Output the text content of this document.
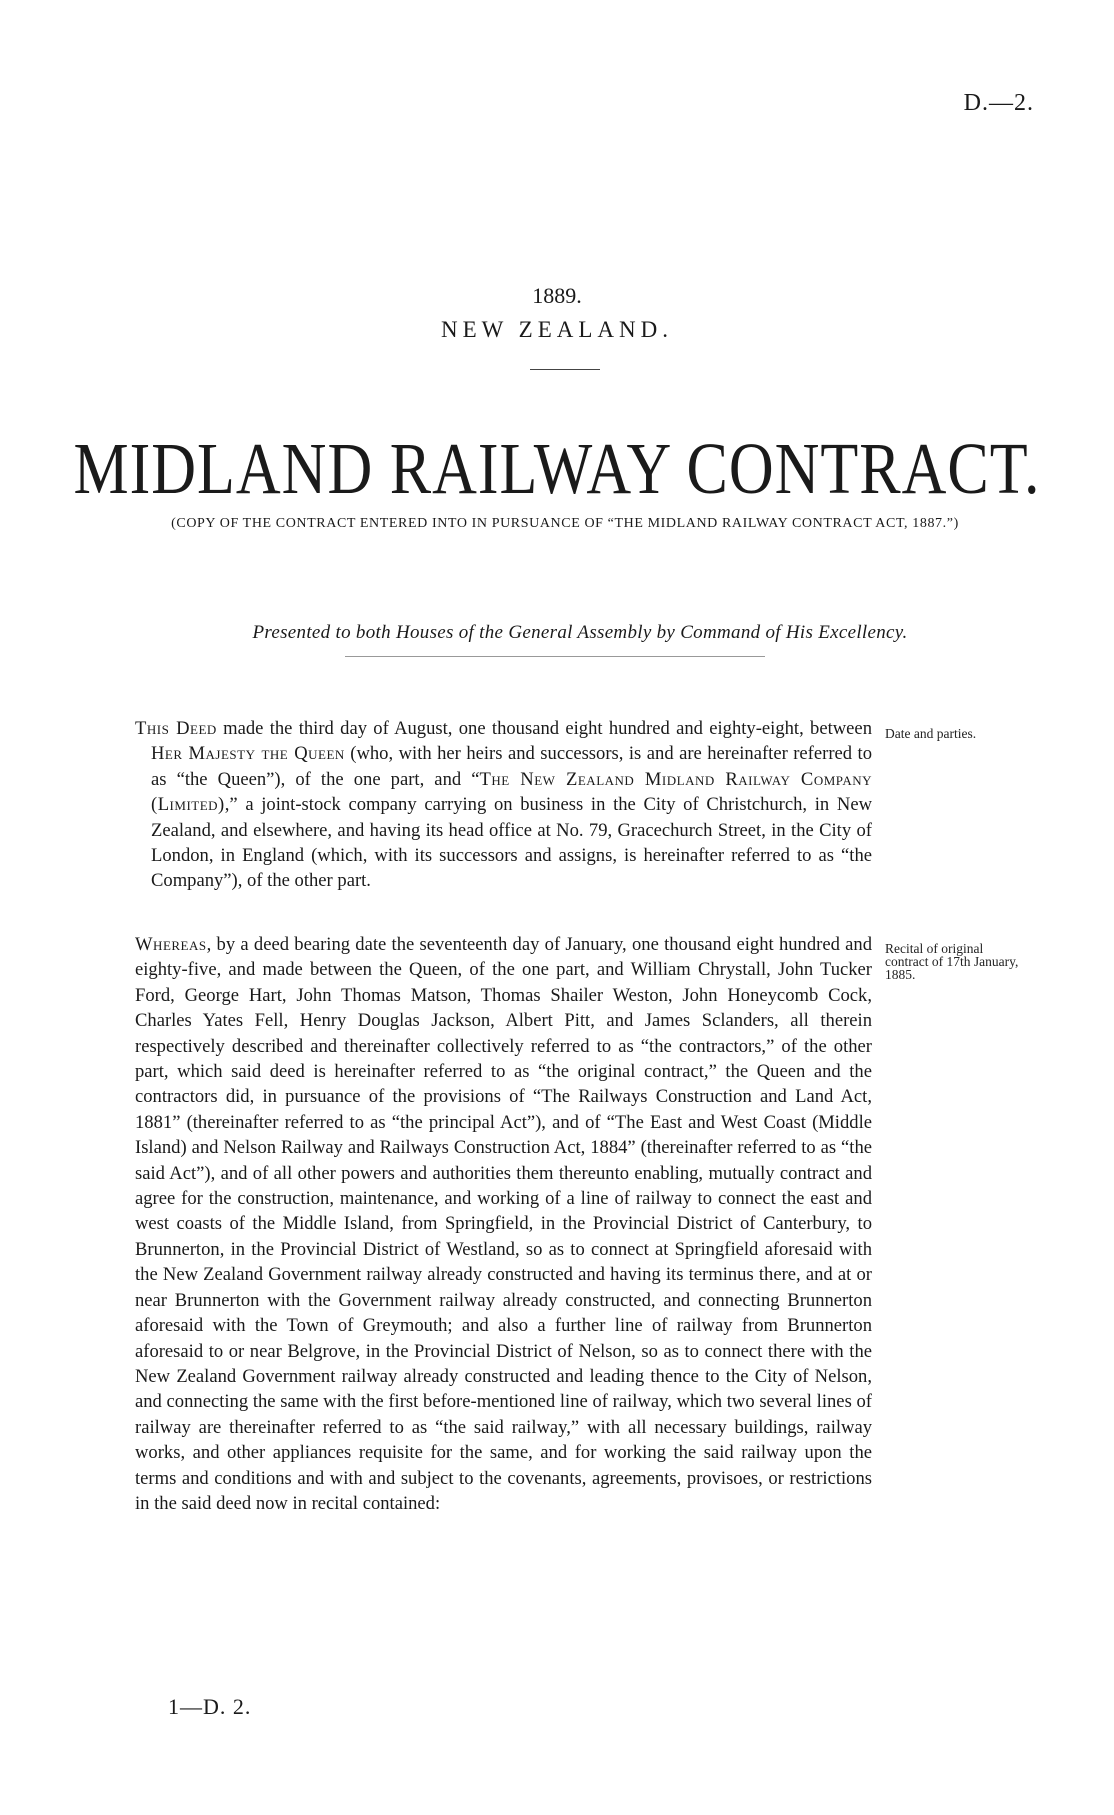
D.—2.
1889.
NEW ZEALAND.
MIDLAND RAILWAY CONTRACT.
(COPY OF THE CONTRACT ENTERED INTO IN PURSUANCE OF “THE MIDLAND RAILWAY CONTRACT ACT, 1887.”)
Presented to both Houses of the General Assembly by Command of His Excellency.

This Deed made the third day of August, one thousand eight hundred and eighty-eight, between Her Majesty the Queen (who, with her heirs and successors, is and are hereinafter referred to as “the Queen”), of the one part, and “The New Zealand Midland Railway Company (Limited),” a joint-stock company carrying on business in the City of Christchurch, in New Zealand, and elsewhere, and having its head office at No. 79, Gracechurch Street, in the City of London, in England (which, with its successors and assigns, is hereinafter referred to as “the Company”), of the other part.

Date and parties.

Whereas, by a deed bearing date the seventeenth day of January, one thousand eight hundred and eighty-five, and made between the Queen, of the one part, and William Chrystall, John Tucker Ford, George Hart, John Thomas Matson, Thomas Shailer Weston, John Honeycomb Cock, Charles Yates Fell, Henry Douglas Jackson, Albert Pitt, and James Sclanders, all therein respectively described and thereinafter collectively referred to as “the contractors,” of the other part, which said deed is hereinafter referred to as “the original contract,” the Queen and the contractors did, in pursuance of the provisions of “The Railways Construction and Land Act, 1881” (thereinafter referred to as “the principal Act”), and of “The East and West Coast (Middle Island) and Nelson Railway and Railways Construction Act, 1884” (thereinafter referred to as “the said Act”), and of all other powers and authorities them thereunto enabling, mutually contract and agree for the construction, maintenance, and working of a line of railway to connect the east and west coasts of the Middle Island, from Springfield, in the Provincial District of Canterbury, to Brunnerton, in the Provincial District of Westland, so as to connect at Springfield aforesaid with the New Zealand Government railway already constructed and having its terminus there, and at or near Brunnerton with the Government railway already constructed, and connecting Brunnerton aforesaid with the Town of Greymouth; and also a further line of railway from Brunnerton aforesaid to or near Belgrove, in the Provincial District of Nelson, so as to connect there with the New Zealand Government railway already constructed and leading thence to the City of Nelson, and connecting the same with the first before-mentioned line of railway, which two several lines of railway are thereinafter referred to as “the said railway,” with all necessary buildings, railway works, and other appliances requisite for the same, and for working the said railway upon the terms and conditions and with and subject to the covenants, agreements, provisoes, or restrictions in the said deed now in recital contained:

Recital of original contract of 17th January, 1885.
1—D. 2.
